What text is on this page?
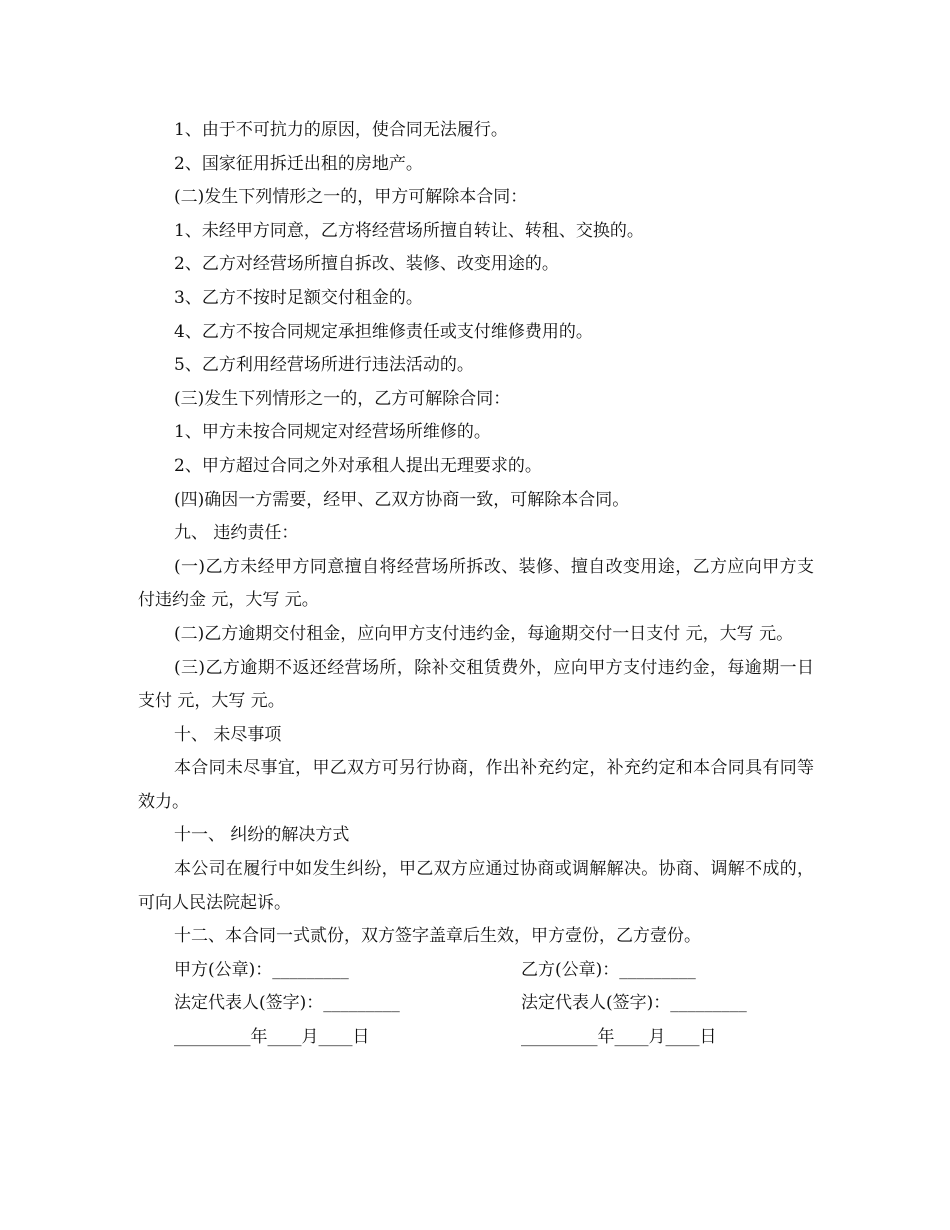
1、由于不可抗力的原因，使合同无法履行。

2、国家征用拆迁出租的房地产。

(二)发生下列情形之一的，甲方可解除本合同：

1、未经甲方同意，乙方将经营场所擅自转让、转租、交换的。

2、乙方对经营场所擅自拆改、装修、改变用途的。

3、乙方不按时足额交付租金的。

4、乙方不按合同规定承担维修责任或支付维修费用的。

5、乙方利用经营场所进行违法活动的。

(三)发生下列情形之一的，乙方可解除合同：

1、甲方未按合同规定对经营场所维修的。

2、甲方超过合同之外对承租人提出无理要求的。

(四)确因一方需要，经甲、乙双方协商一致，可解除本合同。

九、 违约责任：

(一)乙方未经甲方同意擅自将经营场所拆改、装修、擅自改变用途，乙方应向甲方支付违约金 元，大写 元。

(二)乙方逾期交付租金，应向甲方支付违约金，每逾期交付一日支付 元，大写 元。

(三)乙方逾期不返还经营场所，除补交租赁费外，应向甲方支付违约金，每逾期一日支付 元，大写 元。

十、 未尽事项

本合同未尽事宜，甲乙双方可另行协商，作出补充约定，补充约定和本合同具有同等效力。

十一、 纠纷的解决方式

本公司在履行中如发生纠纷，甲乙双方应通过协商或调解解决。协商、调解不成的，可向人民法院起诉。

十二、本合同一式贰份，双方签字盖章后生效，甲方壹份，乙方壹份。

甲方(公章)：_________	乙方(公章)：_________
法定代表人(签字)：_________	法定代表人(签字)：_________
_________年____月____日	_________年____月____日
